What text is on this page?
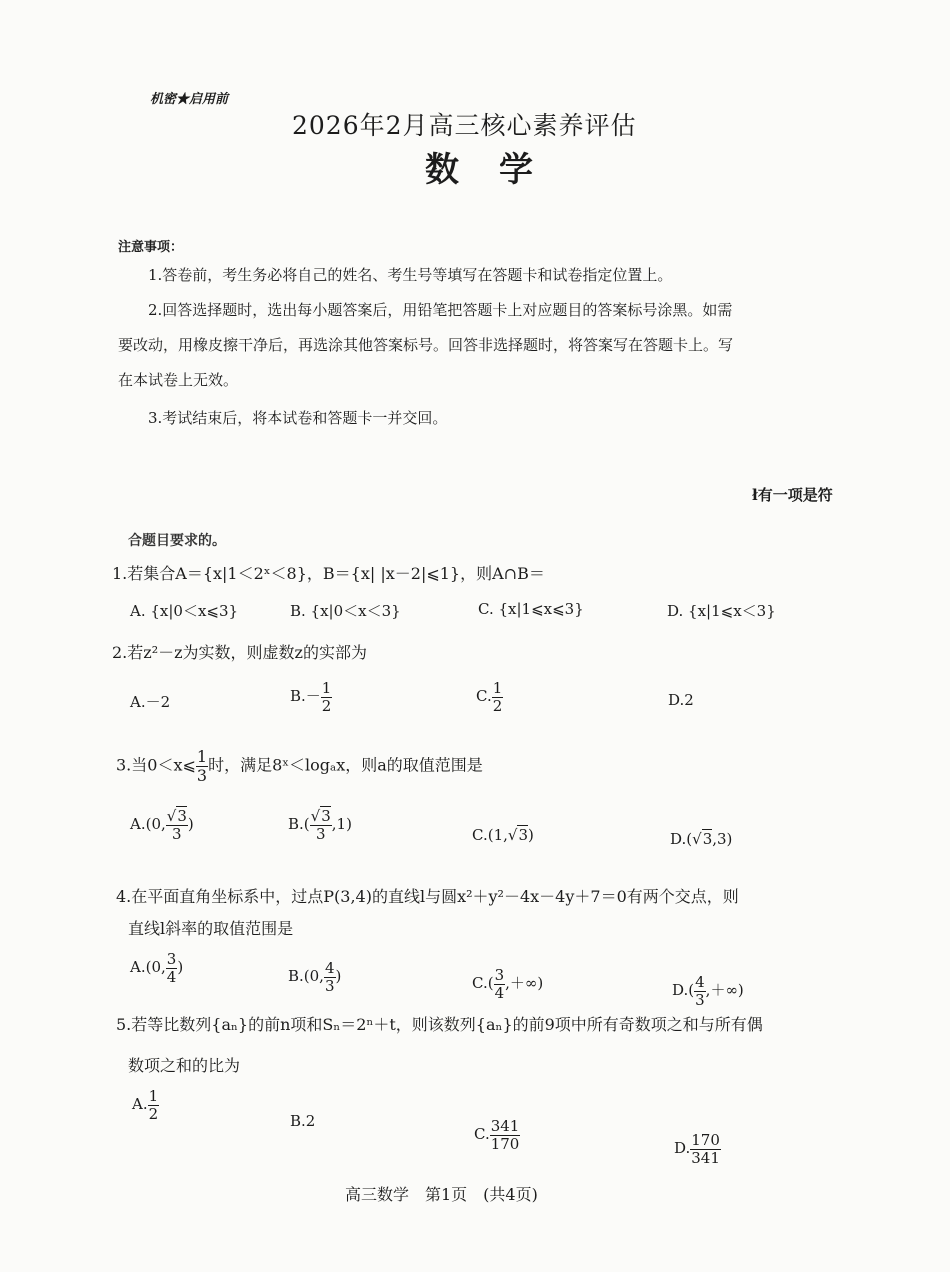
机密★启用前
2026年2月高三核心素养评估
数学
注意事项：
1.答卷前，考生务必将自己的姓名、考生号等填写在答题卡和试卷指定位置上。
2.回答选择题时，选出每小题答案后，用铅笔把答题卡上对应题目的答案标号涂黑。如需
要改动，用橡皮擦干净后，再选涂其他答案标号。回答非选择题时，将答案写在答题卡上。写
在本试卷上无效。
3.考试结束后，将本试卷和答题卡一并交回。
ł有一项是符
合题目要求的。
1.若集合A＝{x|1＜2ˣ＜8}，B＝{x| |x－2|⩽1}，则A∩B＝
A. {x|0＜x⩽3}	B. {x|0＜x＜3}	C. {x|1⩽x⩽3}	D. {x|1⩽x＜3}
2.若z²－z为实数，则虚数z的实部为
A.－2	$B.- \frac{1}{2}$	C. $\frac{1}{2}$	D.2
3.当0＜x⩽ $\frac{1}{3}$ 时，满足8ˣ＜logₐx，则a的取值范围是
A.(0, $\frac{√3}{3}$ )	$B.( \frac{√3}{3} ,1)$
C.(1,√3)	D.(√3,3)
4.在平面直角坐标系中，过点P(3,4)的直线l与圆x²＋y²－4x－4y＋7＝0有两个交点，则
直线l斜率的取值范围是
A.(0, $\frac{3}{4}$ )	B.(0, $\frac{4}{3}$ )	$C.( \frac{3}{4}$ ,＋∞)	$D.( \frac{4}{3}$ ,＋∞)
5.若等比数列{aₙ}的前n项和Sₙ＝2ⁿ＋t，则该数列{aₙ}的前9项中所有奇数项之和与所有偶
数项之和的比为
A. $\frac{1}{2}$	B.2
C. $\frac{341}{170}$	D. $\frac{170}{341}$
高三数学　第1页　(共4页)
